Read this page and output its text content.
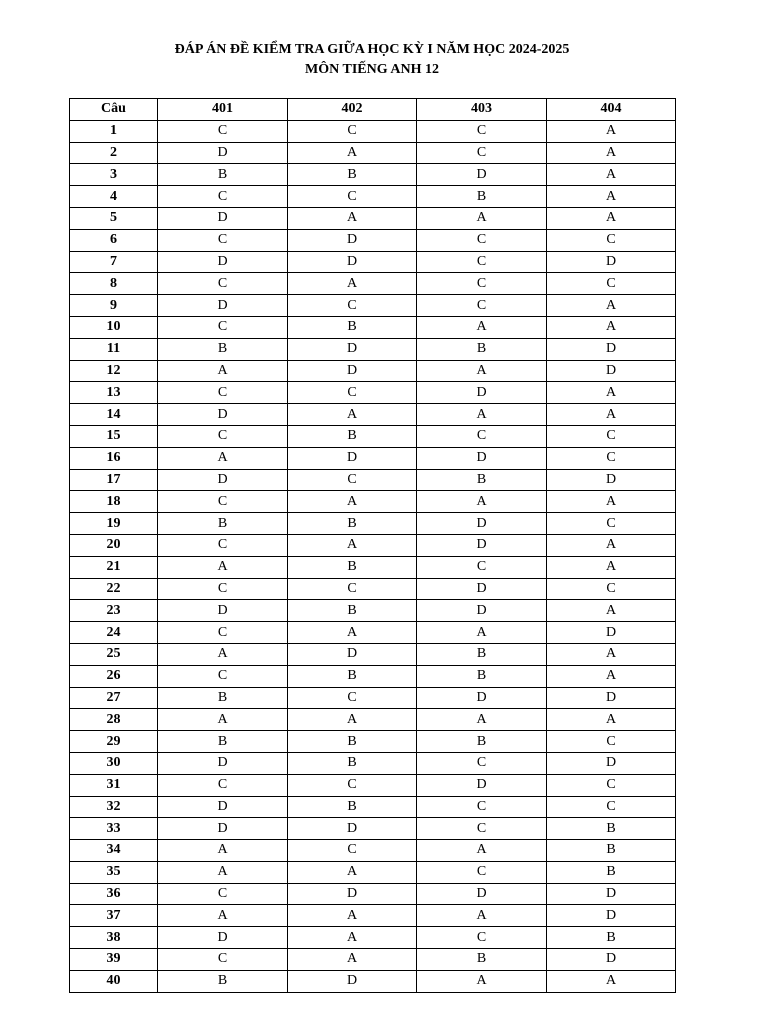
ĐÁP ÁN ĐỀ KIỂM TRA GIỮA HỌC KỲ I NĂM HỌC 2024-2025
MÔN TIẾNG ANH 12
Câu	401	402	403	404
1	C	C	C	A
2	D	A	C	A
3	B	B	D	A
4	C	C	B	A
5	D	A	A	A
6	C	D	C	C
7	D	D	C	D
8	C	A	C	C
9	D	C	C	A
10	C	B	A	A
11	B	D	B	D
12	A	D	A	D
13	C	C	D	A
14	D	A	A	A
15	C	B	C	C
16	A	D	D	C
17	D	C	B	D
18	C	A	A	A
19	B	B	D	C
20	C	A	D	A
21	A	B	C	A
22	C	C	D	C
23	D	B	D	A
24	C	A	A	D
25	A	D	B	A
26	C	B	B	A
27	B	C	D	D
28	A	A	A	A
29	B	B	B	C
30	D	B	C	D
31	C	C	D	C
32	D	B	C	C
33	D	D	C	B
34	A	C	A	B
35	A	A	C	B
36	C	D	D	D
37	A	A	A	D
38	D	A	C	B
39	C	A	B	D
40	B	D	A	A
